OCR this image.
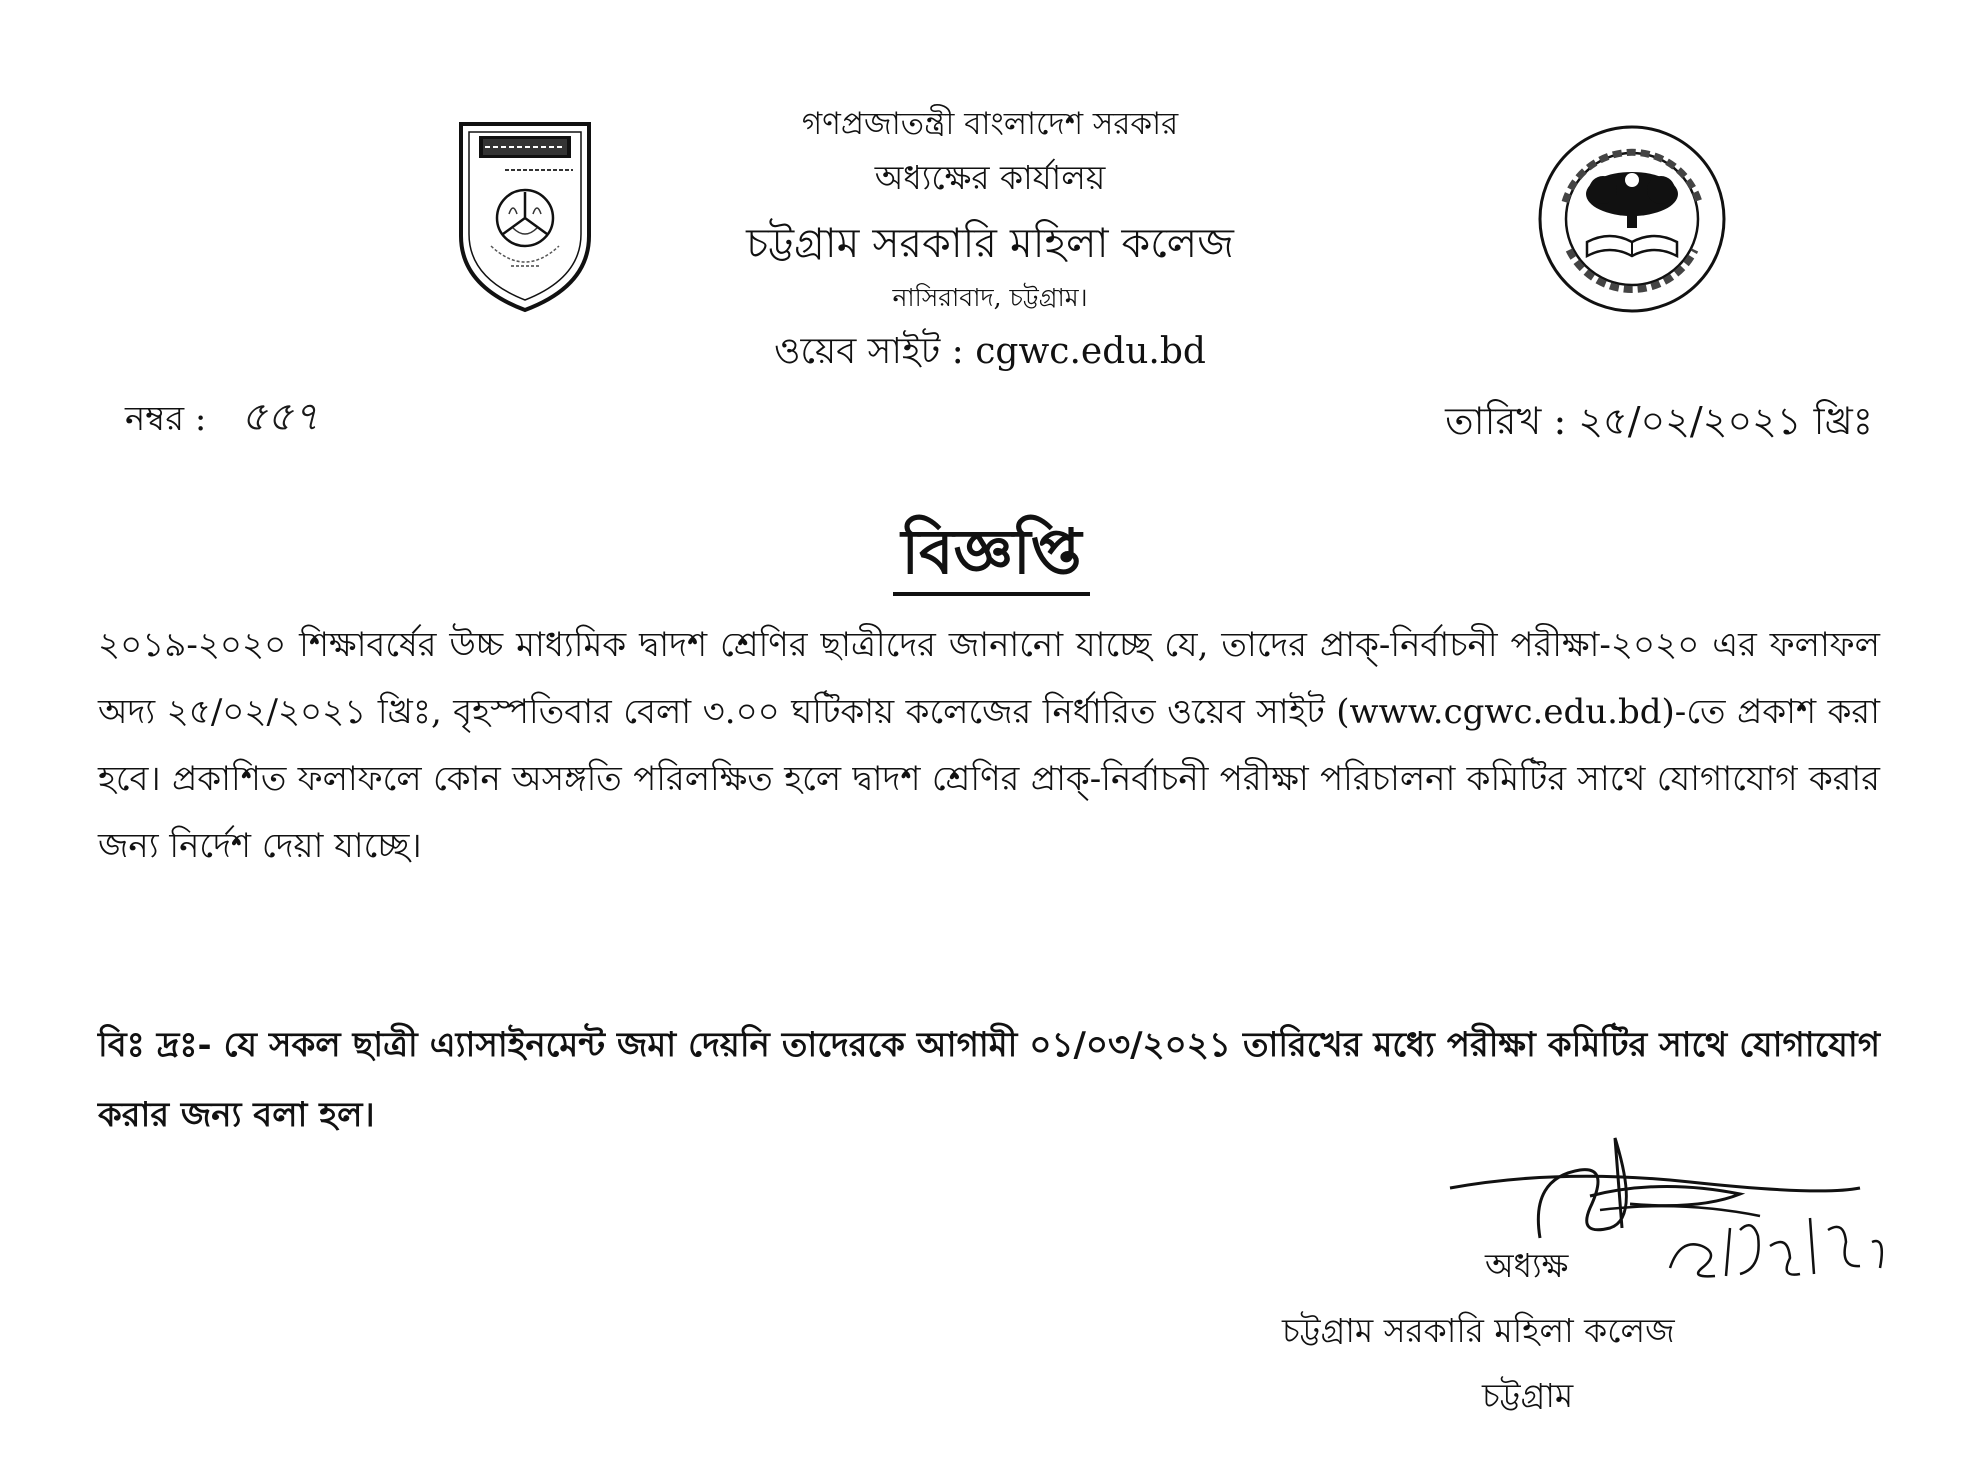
গণপ্রজাতন্ত্রী বাংলাদেশ সরকার
অধ্যক্ষের কার্যালয়
চট্টগ্রাম সরকারি মহিলা কলেজ
নাসিরাবাদ, চট্টগ্রাম।
ওয়েব সাইট : cgwc.edu.bd
নম্বর : ৫৫৭	তারিখ : ২৫/০২/২০২১ খ্রিঃ
বিজ্ঞপ্তি
২০১৯-২০২০ শিক্ষাবর্ষের উচ্চ মাধ্যমিক দ্বাদশ শ্রেণির ছাত্রীদের জানানো যাচ্ছে যে, তাদের প্রাক্-নির্বাচনী পরীক্ষা-২০২০ এর ফলাফল অদ্য ২৫/০২/২০২১ খ্রিঃ, বৃহস্পতিবার বেলা ৩.০০ ঘটিকায় কলেজের নির্ধারিত ওয়েব সাইট (www.cgwc.edu.bd)-তে প্রকাশ করা হবে। প্রকাশিত ফলাফলে কোন অসঙ্গতি পরিলক্ষিত হলে দ্বাদশ শ্রেণির প্রাক্-নির্বাচনী পরীক্ষা পরিচালনা কমিটির সাথে যোগাযোগ করার জন্য নির্দেশ দেয়া যাচ্ছে।
বিঃ দ্রঃ- যে সকল ছাত্রী এ্যাসাইনমেন্ট জমা দেয়নি তাদেরকে আগামী ০১/০৩/২০২১ তারিখের মধ্যে পরীক্ষা কমিটির সাথে যোগাযোগ করার জন্য বলা হল।
অধ্যক্ষ
চট্টগ্রাম সরকারি মহিলা কলেজ
চট্টগ্রাম
